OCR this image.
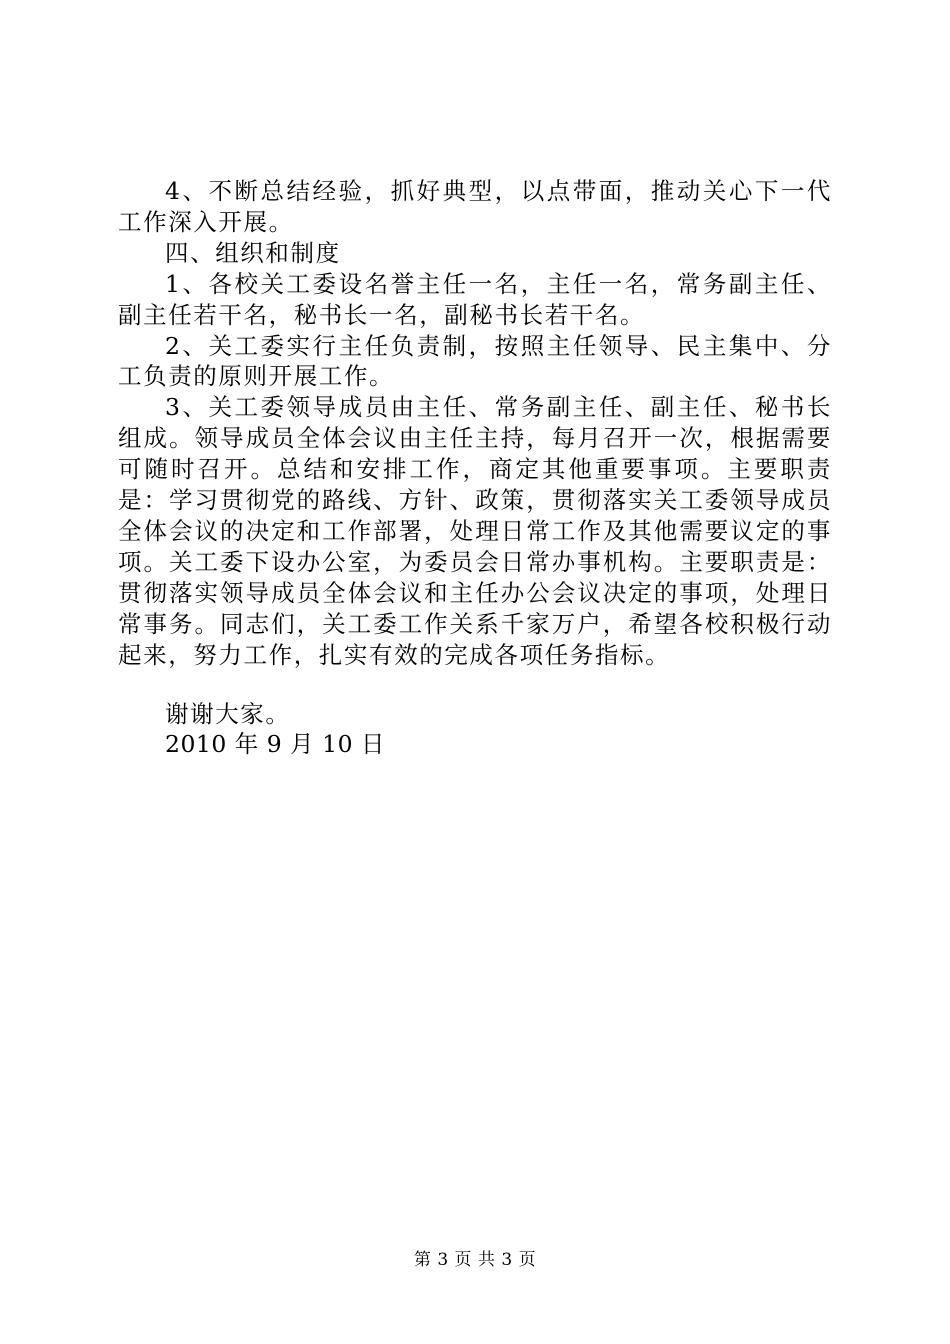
4、不断总结经验，抓好典型，以点带面，推动关心下一代工作深入开展。

四、组织和制度

1、各校关工委设名誉主任一名，主任一名，常务副主任、副主任若干名，秘书长一名，副秘书长若干名。

2、关工委实行主任负责制，按照主任领导、民主集中、分工负责的原则开展工作。

3、关工委领导成员由主任、常务副主任、副主任、秘书长组成。领导成员全体会议由主任主持，每月召开一次，根据需要可随时召开。总结和安排工作，商定其他重要事项。主要职责是：学习贯彻党的路线、方针、政策，贯彻落实关工委领导成员全体会议的决定和工作部署，处理日常工作及其他需要议定的事项。关工委下设办公室，为委员会日常办事机构。主要职责是：贯彻落实领导成员全体会议和主任办公会议决定的事项，处理日常事务。同志们，关工委工作关系千家万户，希望各校积极行动起来，努力工作，扎实有效的完成各项任务指标。

谢谢大家。

2010 年 9 月 10 日

第 3 页 共 3 页
